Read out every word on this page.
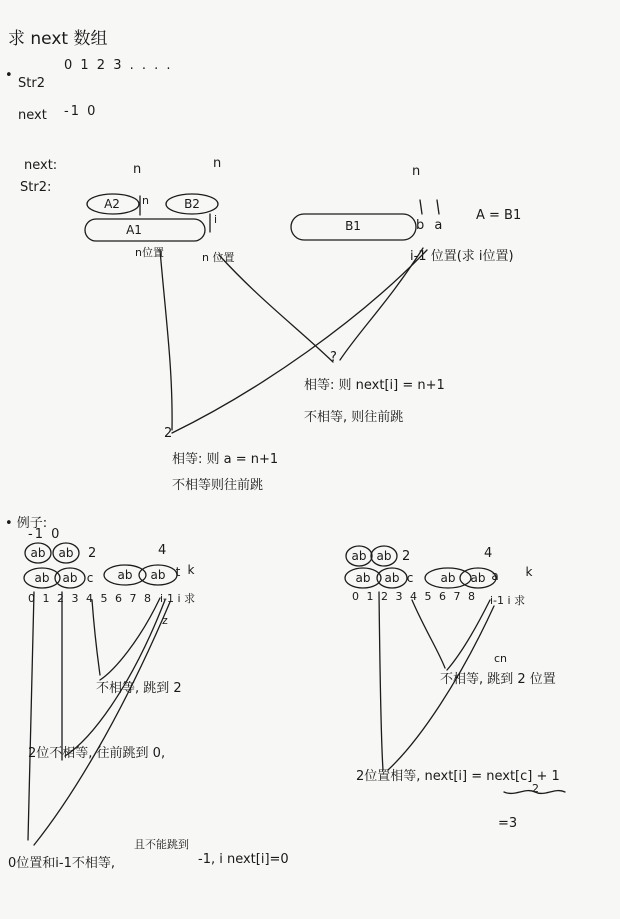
求 next 数组
•
Str2
0 1 2 3 . . . .
next -1 0
next:
Str2:
n	n
n
A2	B2
A1	B1
n
i	b a
A = B1
n位置	n 位置	i-1 位置(求 i位置)
?
相等: 则 next[i] = n+1
不相等, 则往前跳
2
相等: 则 a = n+1
不相等则往前跳
• 例子:
-1 0
ab ab 2	4
ab	ab c	ab	ab t k
0 1 2 3 4 5 6 7 8 i-1 i 求
z
不相等, 跳到 2
2位不相等, 往前跳到 0,
0位置和i-1不相等,
且不能跳到
-1, i next[i]=0
ab ab 2	4
ab	ab c	ab	ab a k
0 1 2 3 4 5 6 7 8 i-1 i 求
cn
不相等, 跳到 2 位置
2位置相等, next[i] = next[c] + 1
2
=3
